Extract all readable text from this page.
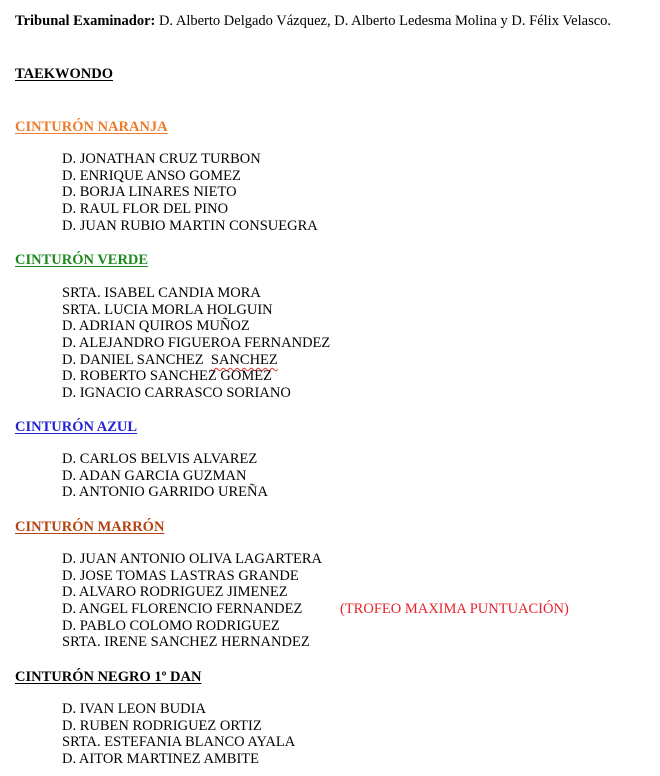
Tribunal Examinador: D. Alberto Delgado Vázquez, D. Alberto Ledesma Molina y D. Félix Velasco.

TAEKWONDO
CINTURÓN NARANJA
D. JONATHAN CRUZ TURBON
D. ENRIQUE ANSO GOMEZ
D. BORJA LINARES NIETO
D. RAUL FLOR DEL PINO
D. JUAN RUBIO MARTIN CONSUEGRA
CINTURÓN VERDE
SRTA. ISABEL CANDIA MORA
SRTA. LUCIA MORLA HOLGUIN
D. ADRIAN QUIROS MUÑOZ
D. ALEJANDRO FIGUEROA FERNANDEZ
D. DANIEL SANCHEZ  SANCHEZ
D. ROBERTO SANCHEZ GOMEZ
D. IGNACIO CARRASCO SORIANO
CINTURÓN AZUL
D. CARLOS BELVIS ALVAREZ
D. ADAN GARCIA GUZMAN
D. ANTONIO GARRIDO UREÑA
CINTURÓN MARRÓN
D. JUAN ANTONIO OLIVA LAGARTERA
D. JOSE TOMAS LASTRAS GRANDE
D. ALVARO RODRIGUEZ JIMENEZ
D. ANGEL FLORENCIO FERNANDEZ
D. PABLO COLOMO RODRIGUEZ
SRTA. IRENE SANCHEZ HERNANDEZ
(TROFEO MAXIMA PUNTUACIÓN)
CINTURÓN NEGRO 1º DAN
D. IVAN LEON BUDIA
D. RUBEN RODRIGUEZ ORTIZ
SRTA. ESTEFANIA BLANCO AYALA
D. AITOR MARTINEZ AMBITE
